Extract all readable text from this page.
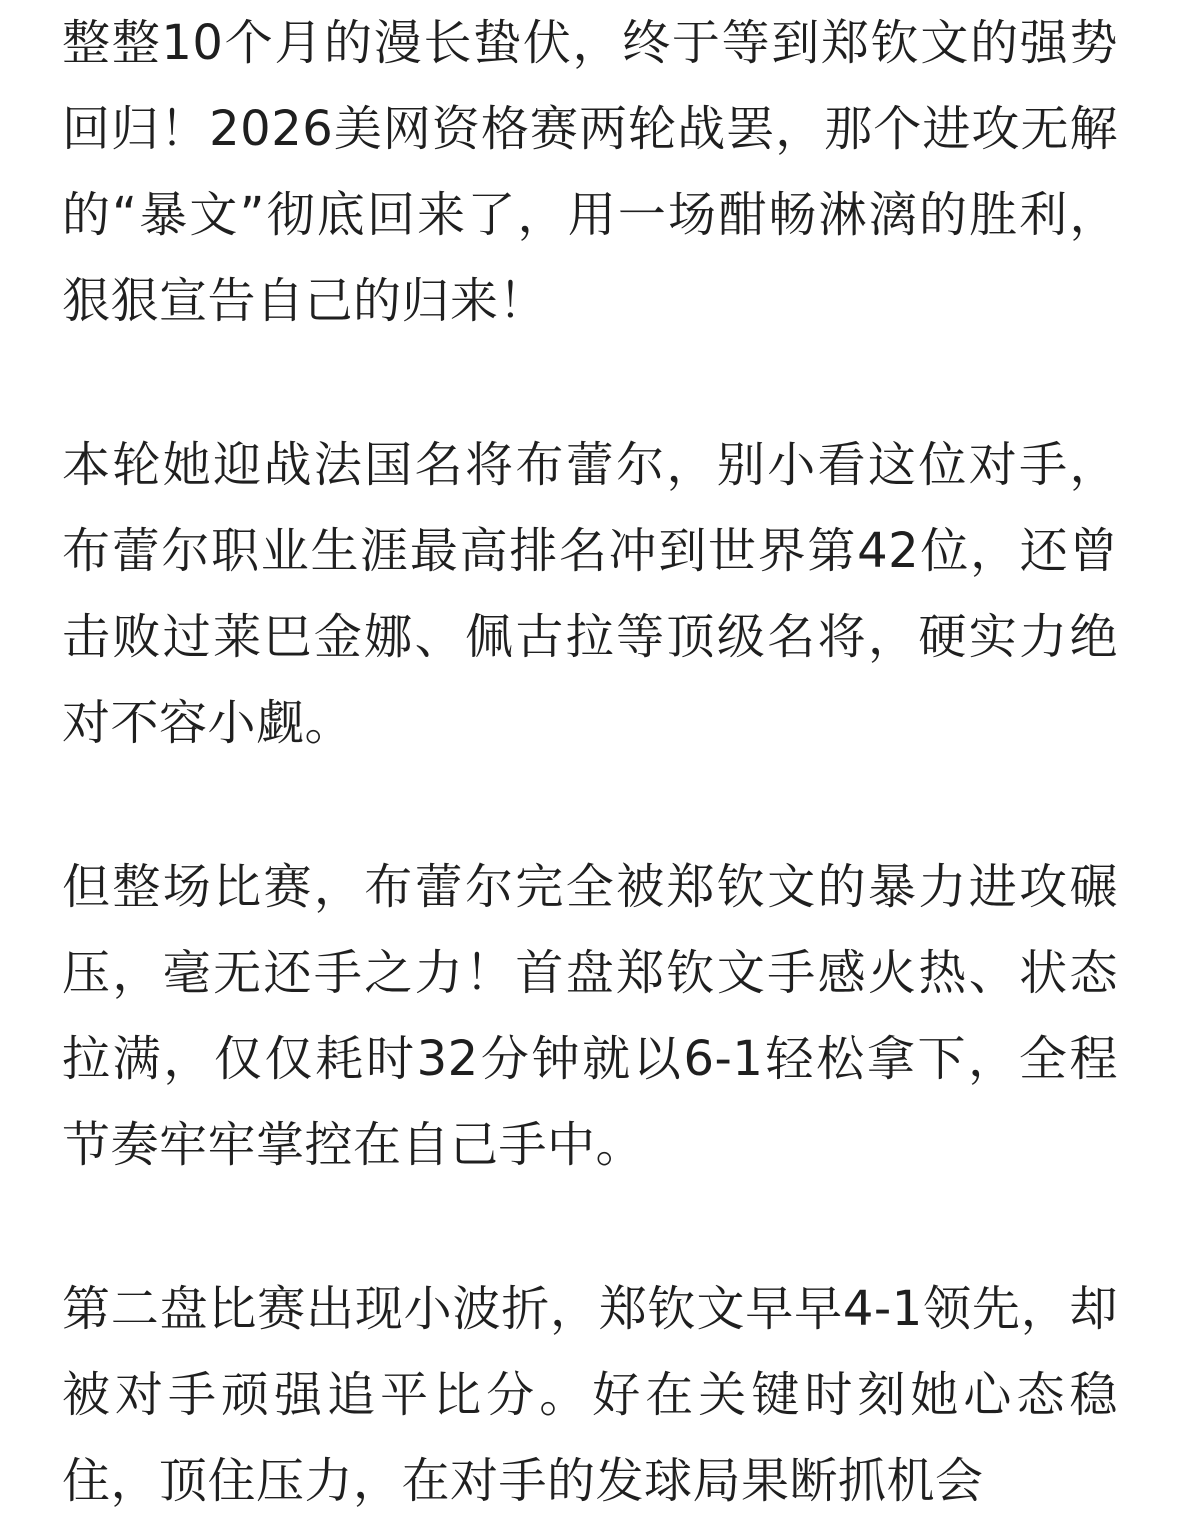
整整10个月的漫长蛰伏，终于等到郑钦文的强势回归！2026美网资格赛两轮战罢，那个进攻无解的“暴文”彻底回来了，用一场酣畅淋漓的胜利，狠狠宣告自己的归来！

本轮她迎战法国名将布蕾尔，别小看这位对手，布蕾尔职业生涯最高排名冲到世界第42位，还曾击败过莱巴金娜、佩古拉等顶级名将，硬实力绝对不容小觑。

但整场比赛，布蕾尔完全被郑钦文的暴力进攻碾压，毫无还手之力！首盘郑钦文手感火热、状态拉满，仅仅耗时32分钟就以6-1轻松拿下，全程节奏牢牢掌控在自己手中。

第二盘比赛出现小波折，郑钦文早早4-1领先，却被对手顽强追平比分。好在关键时刻她心态稳住，顶住压力，在对手的发球局果断抓机会
